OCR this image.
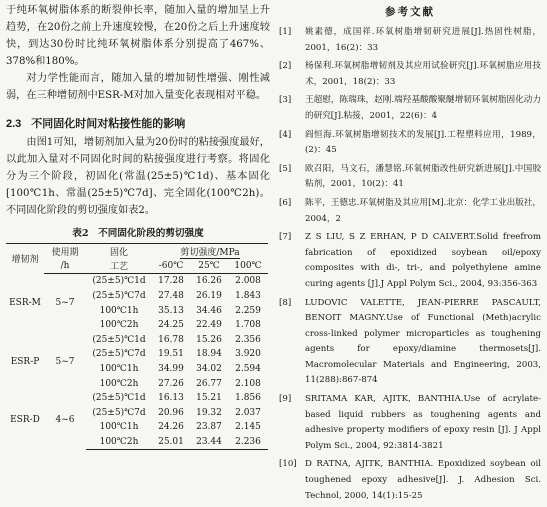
于纯环氧树脂体系的断裂伸长率，随加入量的增加呈上升趋势，在20份之前上升速度较慢，在20份之后上升速度较快，到达30份时比纯环氧树脂体系分别提高了467%、378%和180%。

对力学性能而言，随加入量的增加韧性增强、刚性减弱，在三种增韧剂中ESR-M对加入量变化表现相对平稳。

2.3 不同固化时间对粘接性能的影响

由图1可知，增韧剂加入量为20份时的粘接强度最好，以此加入量对不同固化时间的粘接强度进行考察。将固化分为三个阶段，初固化(常温(25±5)℃1d)、基本固化[100℃1h、常温(25±5)℃7d]、完全固化(100℃2h)。不同固化阶段的剪切强度如表2。

表2　不同固化阶段的剪切强度
增韧剂	使用期	固化	剪切强度/MPa		
	/h	工艺	-60℃	25℃	100℃
ESR-M	5~7	(25±5)℃1d	17.28	16.26	2.008
		(25±5)℃7d	27.48	26.19	1.843
		100℃1h	35.13	34.46	2.259
		100℃2h	24.25	22.49	1.708
ESR-P	5~7	(25±5)℃1d	16.78	15.26	2.356
		(25±5)℃7d	19.51	18.94	3.920
		100℃1h	34.99	34.02	2.594
		100℃2h	27.26	26.77	2.108
ESR-D	4~6	(25±5)℃1d	16.13	15.21	1.856
		(25±5)℃7d	20.96	19.32	2.037
		100℃1h	24.26	23.87	2.145
		100℃2h	25.01	23.44	2.236
参考文献
[1] 姚素德，成国祥.环氧树脂增韧研究进展[J].热固性树脂，2001，16(2)：33
[2] 杨保利.环氧树脂增韧剂及其应用试验研究[J].环氧树脂应用技术，2001，18(2)：33
[3] 王超慰，陈瑞珠，赵刚.端羟基酸酸聚醚增韧环氧树脂固化动力的研究[J].粘接，2001，22(6)：4
[4] 阎恒海.环氧树脂增韧技术的发展[J].工程塑料应用，1989，(2)：45
[5] 欧召阳，马文石，潘慧铭.环氧树脂改性研究新进展[J].中国胶粘剂，2001，10(2)：41
[6] 陈平，王德忠.环氧树脂及其应用[M].北京：化学工业出版社，2004，2
[7] Z S LIU, S Z ERHAN, P D CALVERT.Solid freefrom fabrication of epoxidized soybean oil/epoxy composites with di-, tri-, and polyethylene amine curing agents [J].J Appl Polym Sci., 2004, 93:356-363
[8] LUDOVIC VALETTE, JEAN-PIERRE PASCAULT, BENOIT MAGNY.Use of Functional (Meth)acrylic cross-linked polymer microparticles as toughening agents for epoxy/diamine thermosets[J]. Macromolecular Materials and Engineering, 2003, 11(288):867-874
[9] SRITAMA KAR, AJITK, BANTHIA.Use of acrylate-based liquid rubbers as toughening agents and adhesive property modifiers of epoxy resin [J]. J Appl Polym Sci., 2004, 92:3814-3821
[10] D RATNA, AJITK, BANTHIA. Epoxidized soybean oil toughened epoxy adhesive[J]. J. Adhesion Sci. Technol, 2000, 14(1):15-25
